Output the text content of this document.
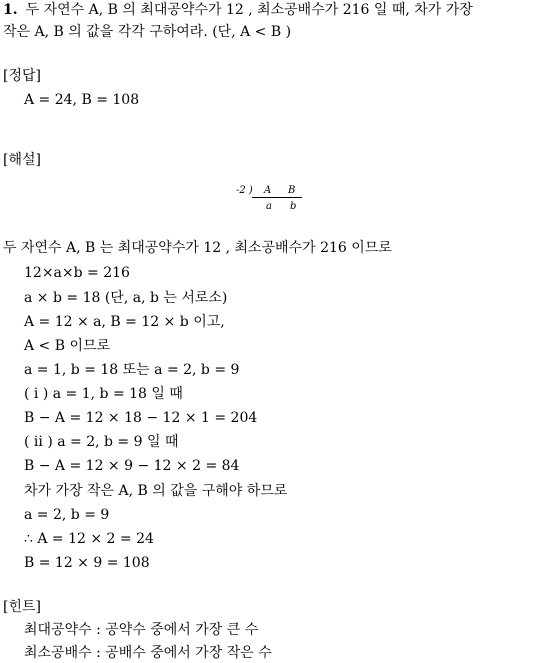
1. 두 자연수 A, B 의 최대공약수가 12 , 최소공배수가 216 일 때, 차가 가장
작은 A, B 의 값을 각각 구하여라. (단, A < B )
[정답]
A = 24, B = 108
[해설]
-2 ) A B
a b
두 자연수 A, B 는 최대공약수가 12 , 최소공배수가 216 이므로
12×a×b = 216
a × b = 18 (단, a, b 는 서로소)
A = 12 × a, B = 12 × b 이고,
A < B 이므로
a = 1, b = 18 또는 a = 2, b = 9
( i ) a = 1, b = 18 일 때
B − A = 12 × 18 − 12 × 1 = 204
( ii ) a = 2, b = 9 일 때
B − A = 12 × 9 − 12 × 2 = 84
차가 가장 작은 A, B 의 값을 구해야 하므로
a = 2, b = 9
∴ A = 12 × 2 = 24
B = 12 × 9 = 108
[힌트]
최대공약수 : 공약수 중에서 가장 큰 수
최소공배수 : 공배수 중에서 가장 작은 수
